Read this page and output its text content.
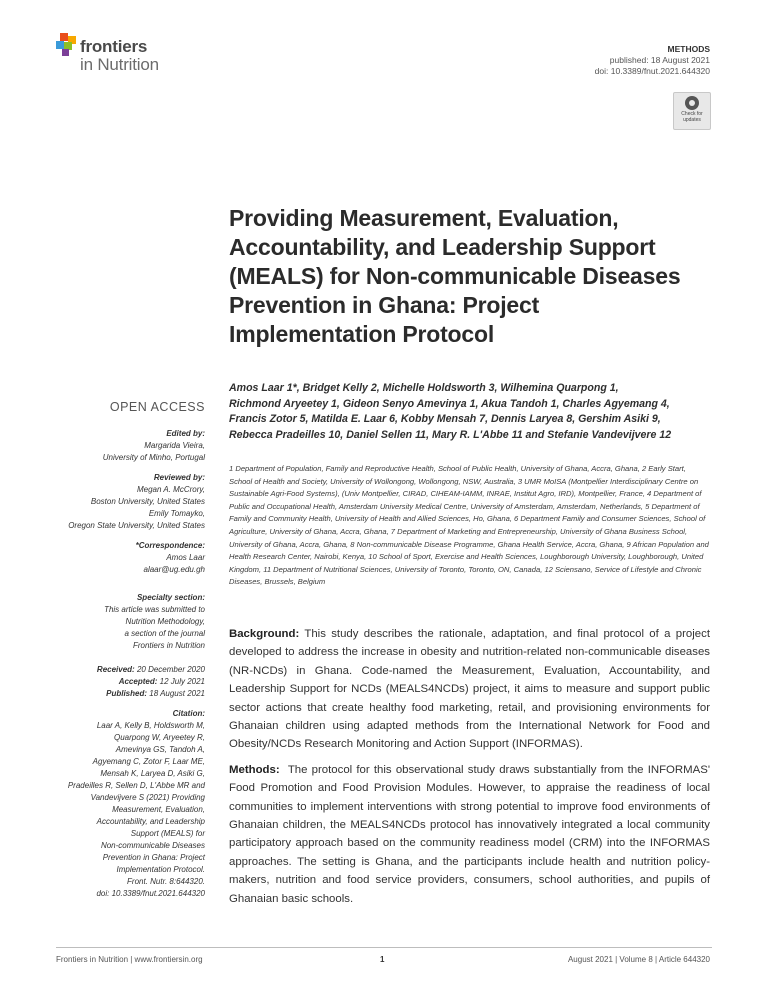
frontiers
in Nutrition
METHODS
published: 18 August 2021
doi: 10.3389/fnut.2021.644320
Check for updates
Providing Measurement, Evaluation, Accountability, and Leadership Support (MEALS) for Non-communicable Diseases Prevention in Ghana: Project Implementation Protocol
Amos Laar 1*, Bridget Kelly 2, Michelle Holdsworth 3, Wilhemina Quarpong 1,
Richmond Aryeetey 1, Gideon Senyo Amevinya 1, Akua Tandoh 1, Charles Agyemang 4,
Francis Zotor 5, Matilda E. Laar 6, Kobby Mensah 7, Dennis Laryea 8, Gershim Asiki 9,
Rebecca Pradeilles 10, Daniel Sellen 11, Mary R. L'Abbe 11 and Stefanie Vandevijvere 12
1 Department of Population, Family and Reproductive Health, School of Public Health, University of Ghana, Accra, Ghana, 2 Early Start, School of Health and Society, University of Wollongong, Wollongong, NSW, Australia, 3 UMR MoISA (Montpellier Interdisciplinary Centre on Sustainable Agri-Food Systems), (Univ Montpellier, CIRAD, CIHEAM-IAMM, INRAE, Institut Agro, IRD), Montpellier, France, 4 Department of Public and Occupational Health, Amsterdam University Medical Centre, University of Amsterdam, Amsterdam, Netherlands, 5 Department of Family and Community Health, University of Health and Allied Sciences, Ho, Ghana, 6 Department Family and Consumer Sciences, School of Agriculture, University of Ghana, Accra, Ghana, 7 Department of Marketing and Entrepreneurship, University of Ghana Business School, University of Ghana, Accra, Ghana, 8 Non-communicable Disease Programme, Ghana Health Service, Accra, Ghana, 9 African Population and Health Research Center, Nairobi, Kenya, 10 School of Sport, Exercise and Health Sciences, Loughborough University, Loughborough, United Kingdom, 11 Department of Nutritional Sciences, University of Toronto, Toronto, ON, Canada, 12 Sciensano, Service of Lifestyle and Chronic Diseases, Brussels, Belgium
OPEN ACCESS
Edited by:
Margarida Vieira,
University of Minho, Portugal
Reviewed by:
Megan A. McCrory,
Boston University, United States
Emily Tomayko,
Oregon State University, United States
*Correspondence:
Amos Laar
alaar@ug.edu.gh
Specialty section:
This article was submitted to
Nutrition Methodology,
a section of the journal
Frontiers in Nutrition
Received: 20 December 2020
Accepted: 12 July 2021
Published: 18 August 2021
Citation:
Laar A, Kelly B, Holdsworth M,
Quarpong W, Aryeetey R,
Amevinya GS, Tandoh A,
Agyemang C, Zotor F, Laar ME,
Mensah K, Laryea D, Asiki G,
Pradeilles R, Sellen D, L'Abbe MR and
Vandevijvere S (2021) Providing
Measurement, Evaluation,
Accountability, and Leadership
Support (MEALS) for
Non-communicable Diseases
Prevention in Ghana: Project
Implementation Protocol.
Front. Nutr. 8:644320.
doi: 10.3389/fnut.2021.644320

Background: This study describes the rationale, adaptation, and final protocol of a project developed to address the increase in obesity and nutrition-related non-communicable diseases (NR-NCDs) in Ghana. Code-named the Measurement, Evaluation, Accountability, and Leadership Support for NCDs (MEALS4NCDs) project, it aims to measure and support public sector actions that create healthy food marketing, retail, and provisioning environments for Ghanaian children using adapted methods from the International Network for Food and Obesity/NCDs Research Monitoring and Action Support (INFORMAS).

Methods: The protocol for this observational study draws substantially from the INFORMAS' Food Promotion and Food Provision Modules. However, to appraise the readiness of local communities to implement interventions with strong potential to improve food environments of Ghanaian children, the MEALS4NCDs protocol has innovatively integrated a local community participatory approach based on the community readiness model (CRM) into the INFORMAS approaches. The setting is Ghana, and the participants include health and nutrition policy-makers, nutrition and food service providers, consumers, school authorities, and pupils of Ghanaian basic schools.

Frontiers in Nutrition | www.frontiersin.org	1	August 2021 | Volume 8 | Article 644320
